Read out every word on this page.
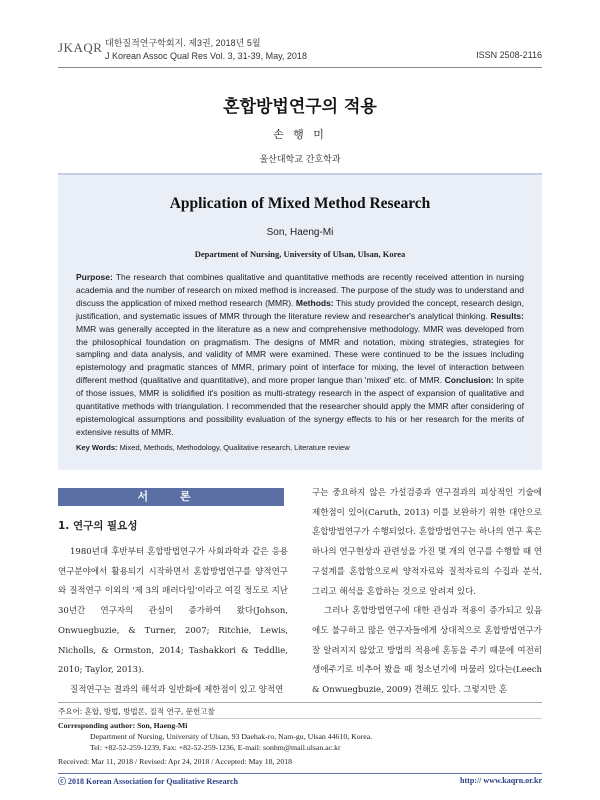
JKAQR 대한질적연구학회지. 제3권, 2018년 5월
J Korean Assoc Qual Res Vol. 3, 31-39, May, 2018	ISSN 2508-2116
혼합방법연구의 적용
손 행 미
울산대학교 간호학과
Application of Mixed Method Research
Son, Haeng-Mi
Department of Nursing, University of Ulsan, Ulsan, Korea
Purpose: The research that combines qualitative and quantitative methods are recently received attention in nursing academia and the number of research on mixed method is increased. The purpose of the study was to understand and discuss the application of mixed method research (MMR). Methods: This study provided the concept, research design, justification, and systematic issues of MMR through the literature review and researcher's analytical thinking. Results: MMR was generally accepted in the literature as a new and comprehensive methodology. MMR was developed from the philosophical foundation on pragmatism. The designs of MMR and notation, mixing strategies, strategies for sampling and data analysis, and validity of MMR were examined. These were continued to be the issues including epistemology and pragmatic stances of MMR, primary point of interface for mixing, the level of interaction between different method (qualitative and quantitative), and more proper langue than 'mixed' etc. of MMR. Conclusion: In spite of those issues, MMR is solidified it's position as multi-strategy research in the aspect of expansion of qualitative and quantitative methods with triangulation. I recommended that the researcher should apply the MMR after considering of epistemological assumptions and possibility evaluation of the synergy effects to his or her research for the merits of extensive results of MMR.
Key Words: Mixed, Methods, Methodology, Qualitative research, Literature review
서 론
1. 연구의 필요성

1980년대 후반부터 혼합방법연구가 사회과학과 같은 응용연구분야에서 활용되기 시작하면서 혼합방법연구를 양적연구와 질적연구 이외의 '제 3의 패러다임'이라고 여길 정도로 지난 30년간 연구자의 관심이 증가하여 왔다(Johson, Onwuegbuzie, & Turner, 2007; Ritchie, Lewis, Nicholls, & Ormston, 2014; Tashakkori & Teddlie, 2010; Taylor, 2013).

질적연구는 결과의 해석과 일반화에 제한점이 있고 양적연

구는 중요하지 않은 가설검증과 연구결과의 피상적인 기술에 제한점이 있어(Caruth, 2013) 이를 보완하기 위한 대안으로 혼합방법연구가 수행되었다. 혼합방법연구는 하나의 연구 혹은 하나의 연구현상과 관련성을 가진 몇 개의 연구를 수행할 때 연구설계를 혼합함으로써 양적자료와 질적자료의 수집과 분석, 그리고 해석을 혼합하는 것으로 알려져 있다.

그러나 혼합방법연구에 대한 관심과 적용이 증가되고 있음에도 불구하고 많은 연구자들에게 상대적으로 혼합방법연구가 잘 알려지지 않았고 방법의 적용에 혼동을 주기 때문에 여전히 생애주기로 비추어 봤을 때 청소년기에 머물러 있다는(Leech & Onwuegbuzie, 2009) 견해도 있다. 그렇지만 혼

주요어: 혼합, 방법, 방법론, 질적 연구, 문헌고찰
Corresponding author: Son, Haeng-Mi
Department of Nursing, University of Ulsan, 93 Daehak-ro, Nam-gu, Ulsan 44610, Korea.
Tel: +82-52-259-1239, Fax: +82-52-259-1236, E-mail: sonhm@mail.ulsan.ac.kr
Received: Mar 11, 2018 / Revised: Apr 24, 2018 / Accepted: May 18, 2018
ⓒ 2018 Korean Association for Qualitative Research	http:// www.kaqrn.or.kr
